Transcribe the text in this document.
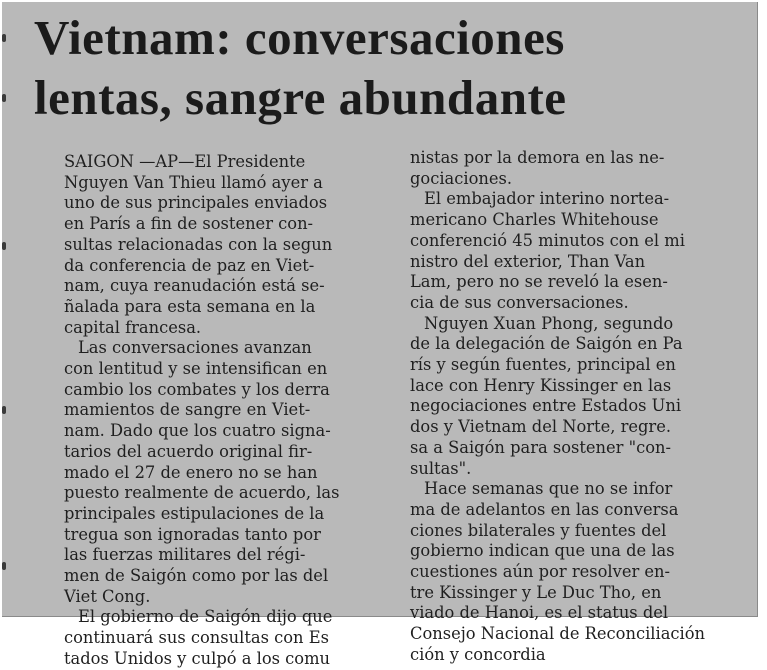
Vietnam: conversaciones
lentas, sangre abundante
SAIGON —AP—El Presidente
Nguyen Van Thieu llamó ayer a
uno de sus principales enviados
en París a fin de sostener con-
sultas relacionadas con la segun
da conferencia de paz en Viet-
nam, cuya reanudación está se-
ñalada para esta semana en la
capital francesa.
Las conversaciones avanzan
con lentitud y se intensifican en
cambio los combates y los derra
mamientos de sangre en Viet-
nam. Dado que los cuatro signa-
tarios del acuerdo original fir-
mado el 27 de enero no se han
puesto realmente de acuerdo, las
principales estipulaciones de la
tregua son ignoradas tanto por
las fuerzas militares del régi-
men de Saigón como por las del
Viet Cong.
El gobierno de Saigón dijo que
continuará sus consultas con Es
tados Unidos y culpó a los comu
nistas por la demora en las ne-
gociaciones.
El embajador interino nortea-
mericano Charles Whitehouse
conferenció 45 minutos con el mi
nistro del exterior, Than Van
Lam, pero no se reveló la esen-
cia de sus conversaciones.
Nguyen Xuan Phong, segundo
de la delegación de Saigón en Pa
rís y según fuentes, principal en
lace con Henry Kissinger en las
negociaciones entre Estados Uni
dos y Vietnam del Norte, regre.
sa a Saigón para sostener "con-
sultas".
Hace semanas que no se infor
ma de adelantos en las conversa
ciones bilaterales y fuentes del
gobierno indican que una de las
cuestiones aún por resolver en-
tre Kissinger y Le Duc Tho, en
viado de Hanoi, es el status del
Consejo Nacional de Reconciliación
ción y concordia
